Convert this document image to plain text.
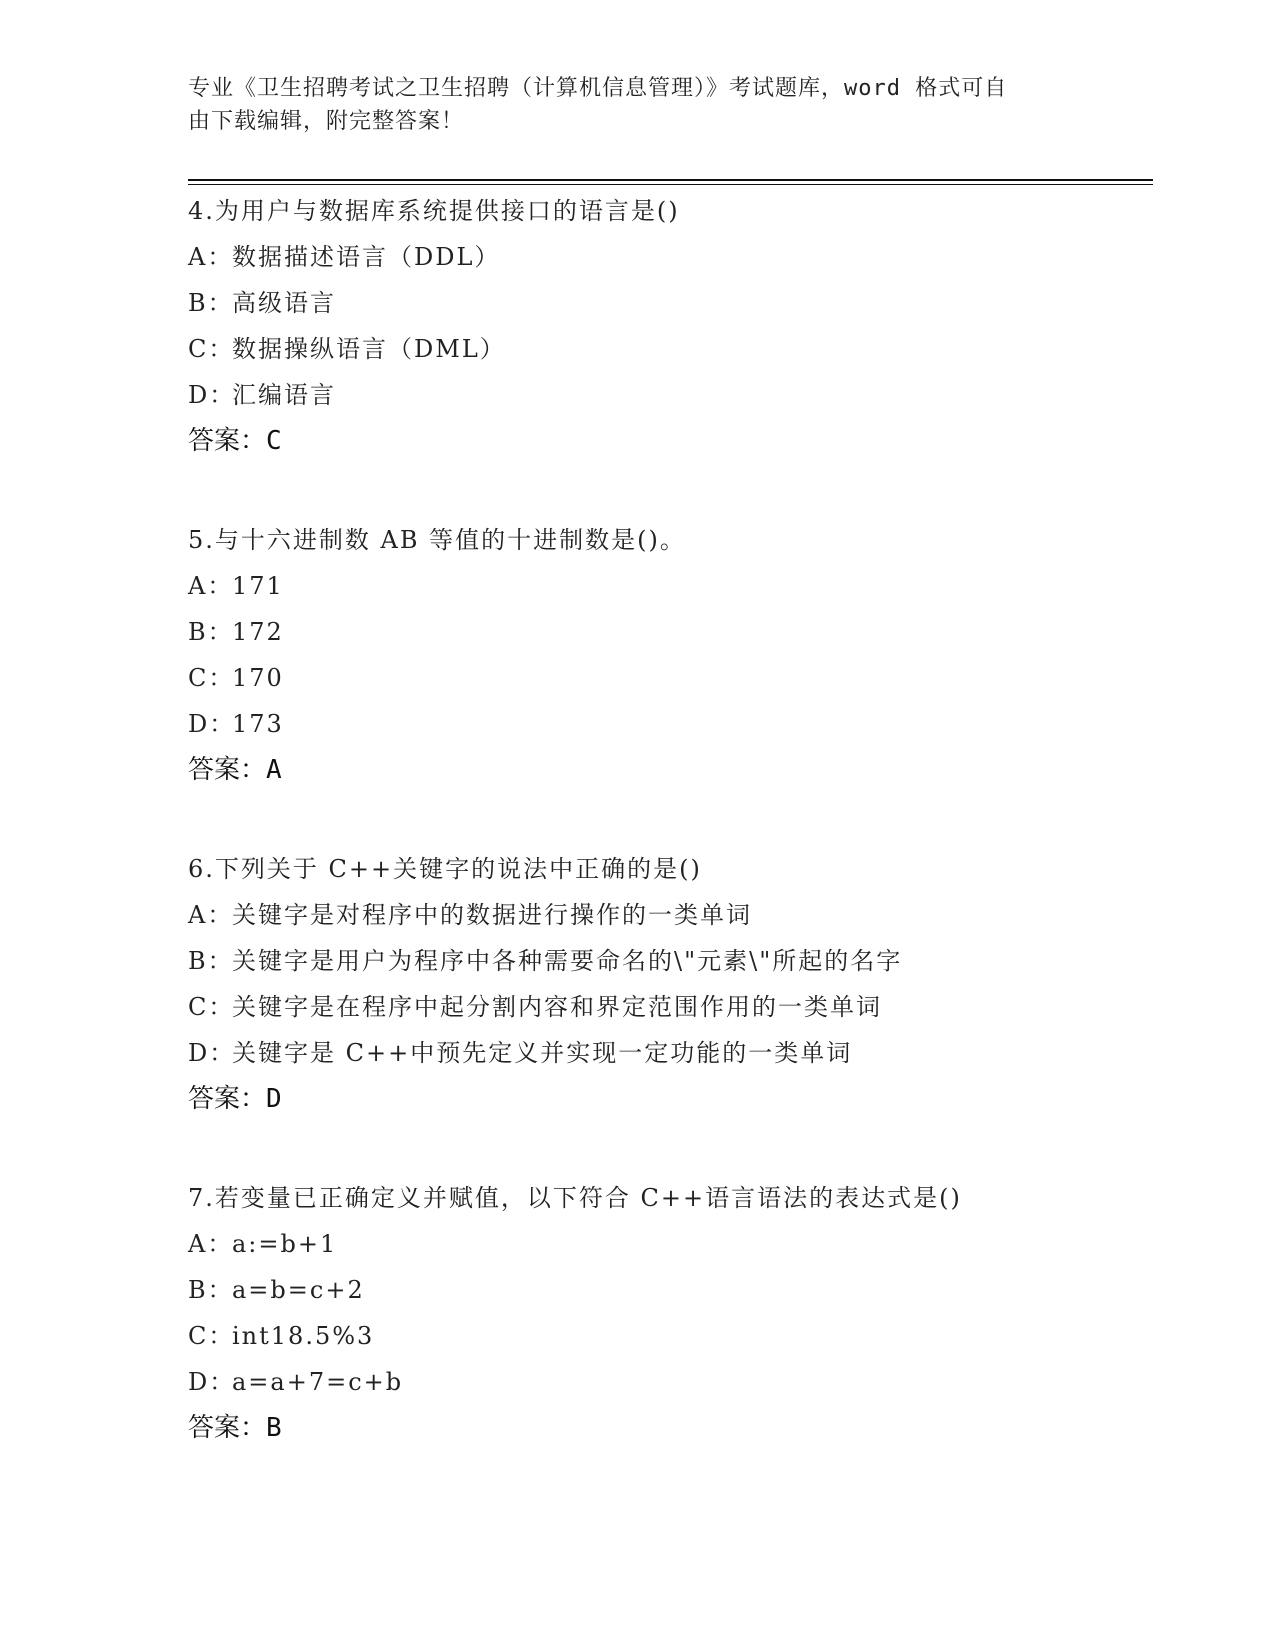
专业《卫生招聘考试之卫生招聘（计算机信息管理）》考试题库，word 格式可自
由下载编辑，附完整答案！
4.为用户与数据库系统提供接口的语言是()
A：数据描述语言（DDL）
B：高级语言
C：数据操纵语言（DML）
D：汇编语言
答案：C
5.与十六进制数 AB 等值的十进制数是()。
A：171
B：172
C：170
D：173
答案：A
6.下列关于 C++关键字的说法中正确的是()
A：关键字是对程序中的数据进行操作的一类单词
B：关键字是用户为程序中各种需要命名的\"元素\"所起的名字
C：关键字是在程序中起分割内容和界定范围作用的一类单词
D：关键字是 C++中预先定义并实现一定功能的一类单词
答案：D
7.若变量已正确定义并赋值，以下符合 C++语言语法的表达式是()
A：a:=b+1
B：a=b=c+2
C：int18.5%3
D：a=a+7=c+b
答案：B
